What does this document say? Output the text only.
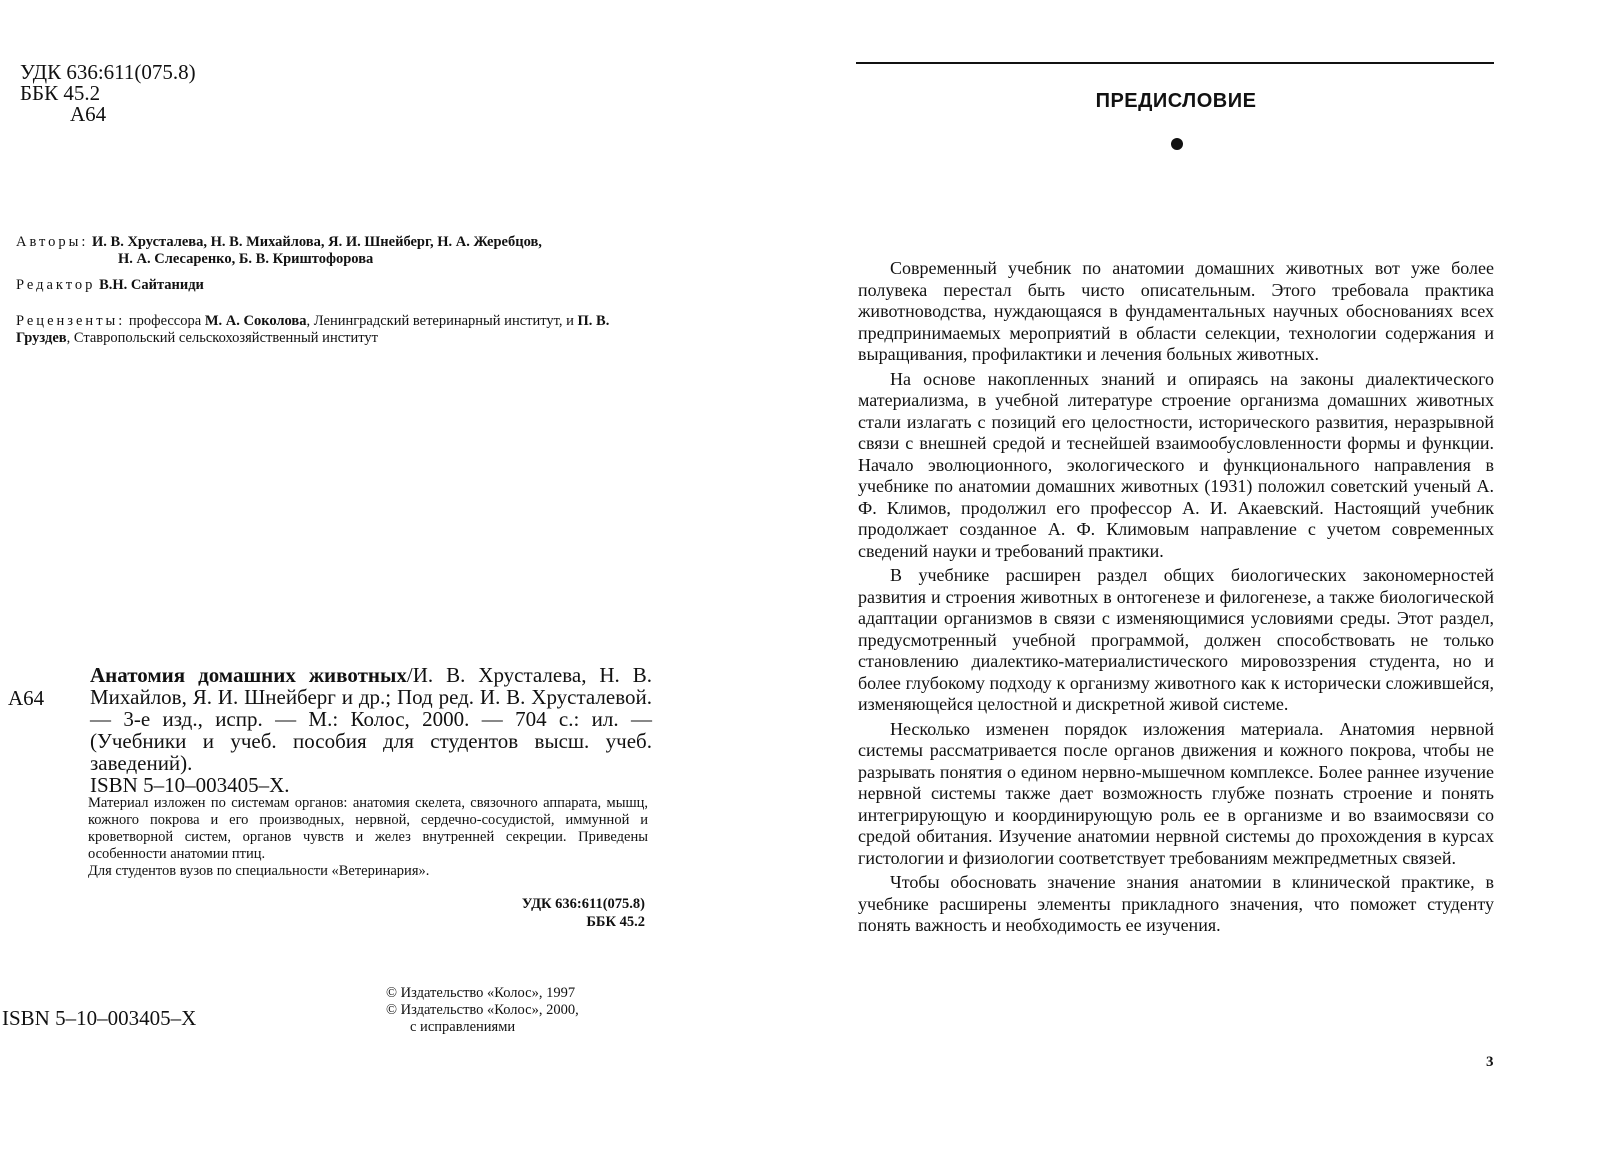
УДК 636:611(075.8)
ББК 45.2
А64
Авторы: И. В. Хрусталева, Н. В. Михайлова, Я. И. Шнейберг, Н. А. Жеребцов,
Н. А. Слесаренко, Б. В. Криштофорова
Редактор В.Н. Сайтаниди
Рецензенты: профессора М. А. Соколова, Ленинградский ветеринарный институт, и П. В. Груздев, Ставропольский сельскохозяйственный институт
А64
Анатомия домашних животных/И. В. Хрусталева, Н. В. Михайлов, Я. И. Шнейберг и др.; Под ред. И. В. Хрусталевой. — 3-е изд., испр. — М.: Колос, 2000. — 704 с.: ил. — (Учебники и учеб. пособия для студентов высш. учеб. заведений).
ISBN 5–10–003405–X.

Материал изложен по системам органов: анатомия скелета, связочного аппарата, мышц, кожного покрова и его производных, нервной, сердечно-сосудистой, иммунной и кроветворной систем, органов чувств и желез внутренней секреции. Приведены особенности анатомии птиц.

Для студентов вузов по специальности «Ветеринария».

УДК 636:611(075.8)
ББК 45.2
© Издательство «Колос», 1997
© Издательство «Колос», 2000,
с исправлениями
ISBN 5–10–003405–X
ПРЕДИСЛОВИЕ

Современный учебник по анатомии домашних животных вот уже более полувека перестал быть чисто описательным. Этого требовала практика животноводства, нуждающаяся в фундаментальных научных обоснованиях всех предпринимаемых мероприятий в области селекции, технологии содержания и выращивания, профилактики и лечения больных животных.

На основе накопленных знаний и опираясь на законы диалектического материализма, в учебной литературе строение организма домашних животных стали излагать с позиций его целостности, исторического развития, неразрывной связи с внешней средой и теснейшей взаимообусловленности формы и функции. Начало эволюционного, экологического и функционального направления в учебнике по анатомии домашних животных (1931) положил советский ученый А. Ф. Климов, продолжил его профессор А. И. Акаевский. Настоящий учебник продолжает созданное А. Ф. Климовым направление с учетом современных сведений науки и требований практики.

В учебнике расширен раздел общих биологических закономерностей развития и строения животных в онтогенезе и филогенезе, а также биологической адаптации организмов в связи с изменяющимися условиями среды. Этот раздел, предусмотренный учебной программой, должен способствовать не только становлению диалектико-материалистического мировоззрения студента, но и более глубокому подходу к организму животного как к исторически сложившейся, изменяющейся целостной и дискретной живой системе.

Несколько изменен порядок изложения материала. Анатомия нервной системы рассматривается после органов движения и кожного покрова, чтобы не разрывать понятия о едином нервно-мышечном комплексе. Более раннее изучение нервной системы также дает возможность глубже познать строение и понять интегрирующую и координирующую роль ее в организме и во взаимосвязи со средой обитания. Изучение анатомии нервной системы до прохождения в курсах гистологии и физиологии соответствует требованиям межпредметных связей.

Чтобы обосновать значение знания анатомии в клинической практике, в учебнике расширены элементы прикладного значения, что поможет студенту понять важность и необходимость ее изучения.

3
